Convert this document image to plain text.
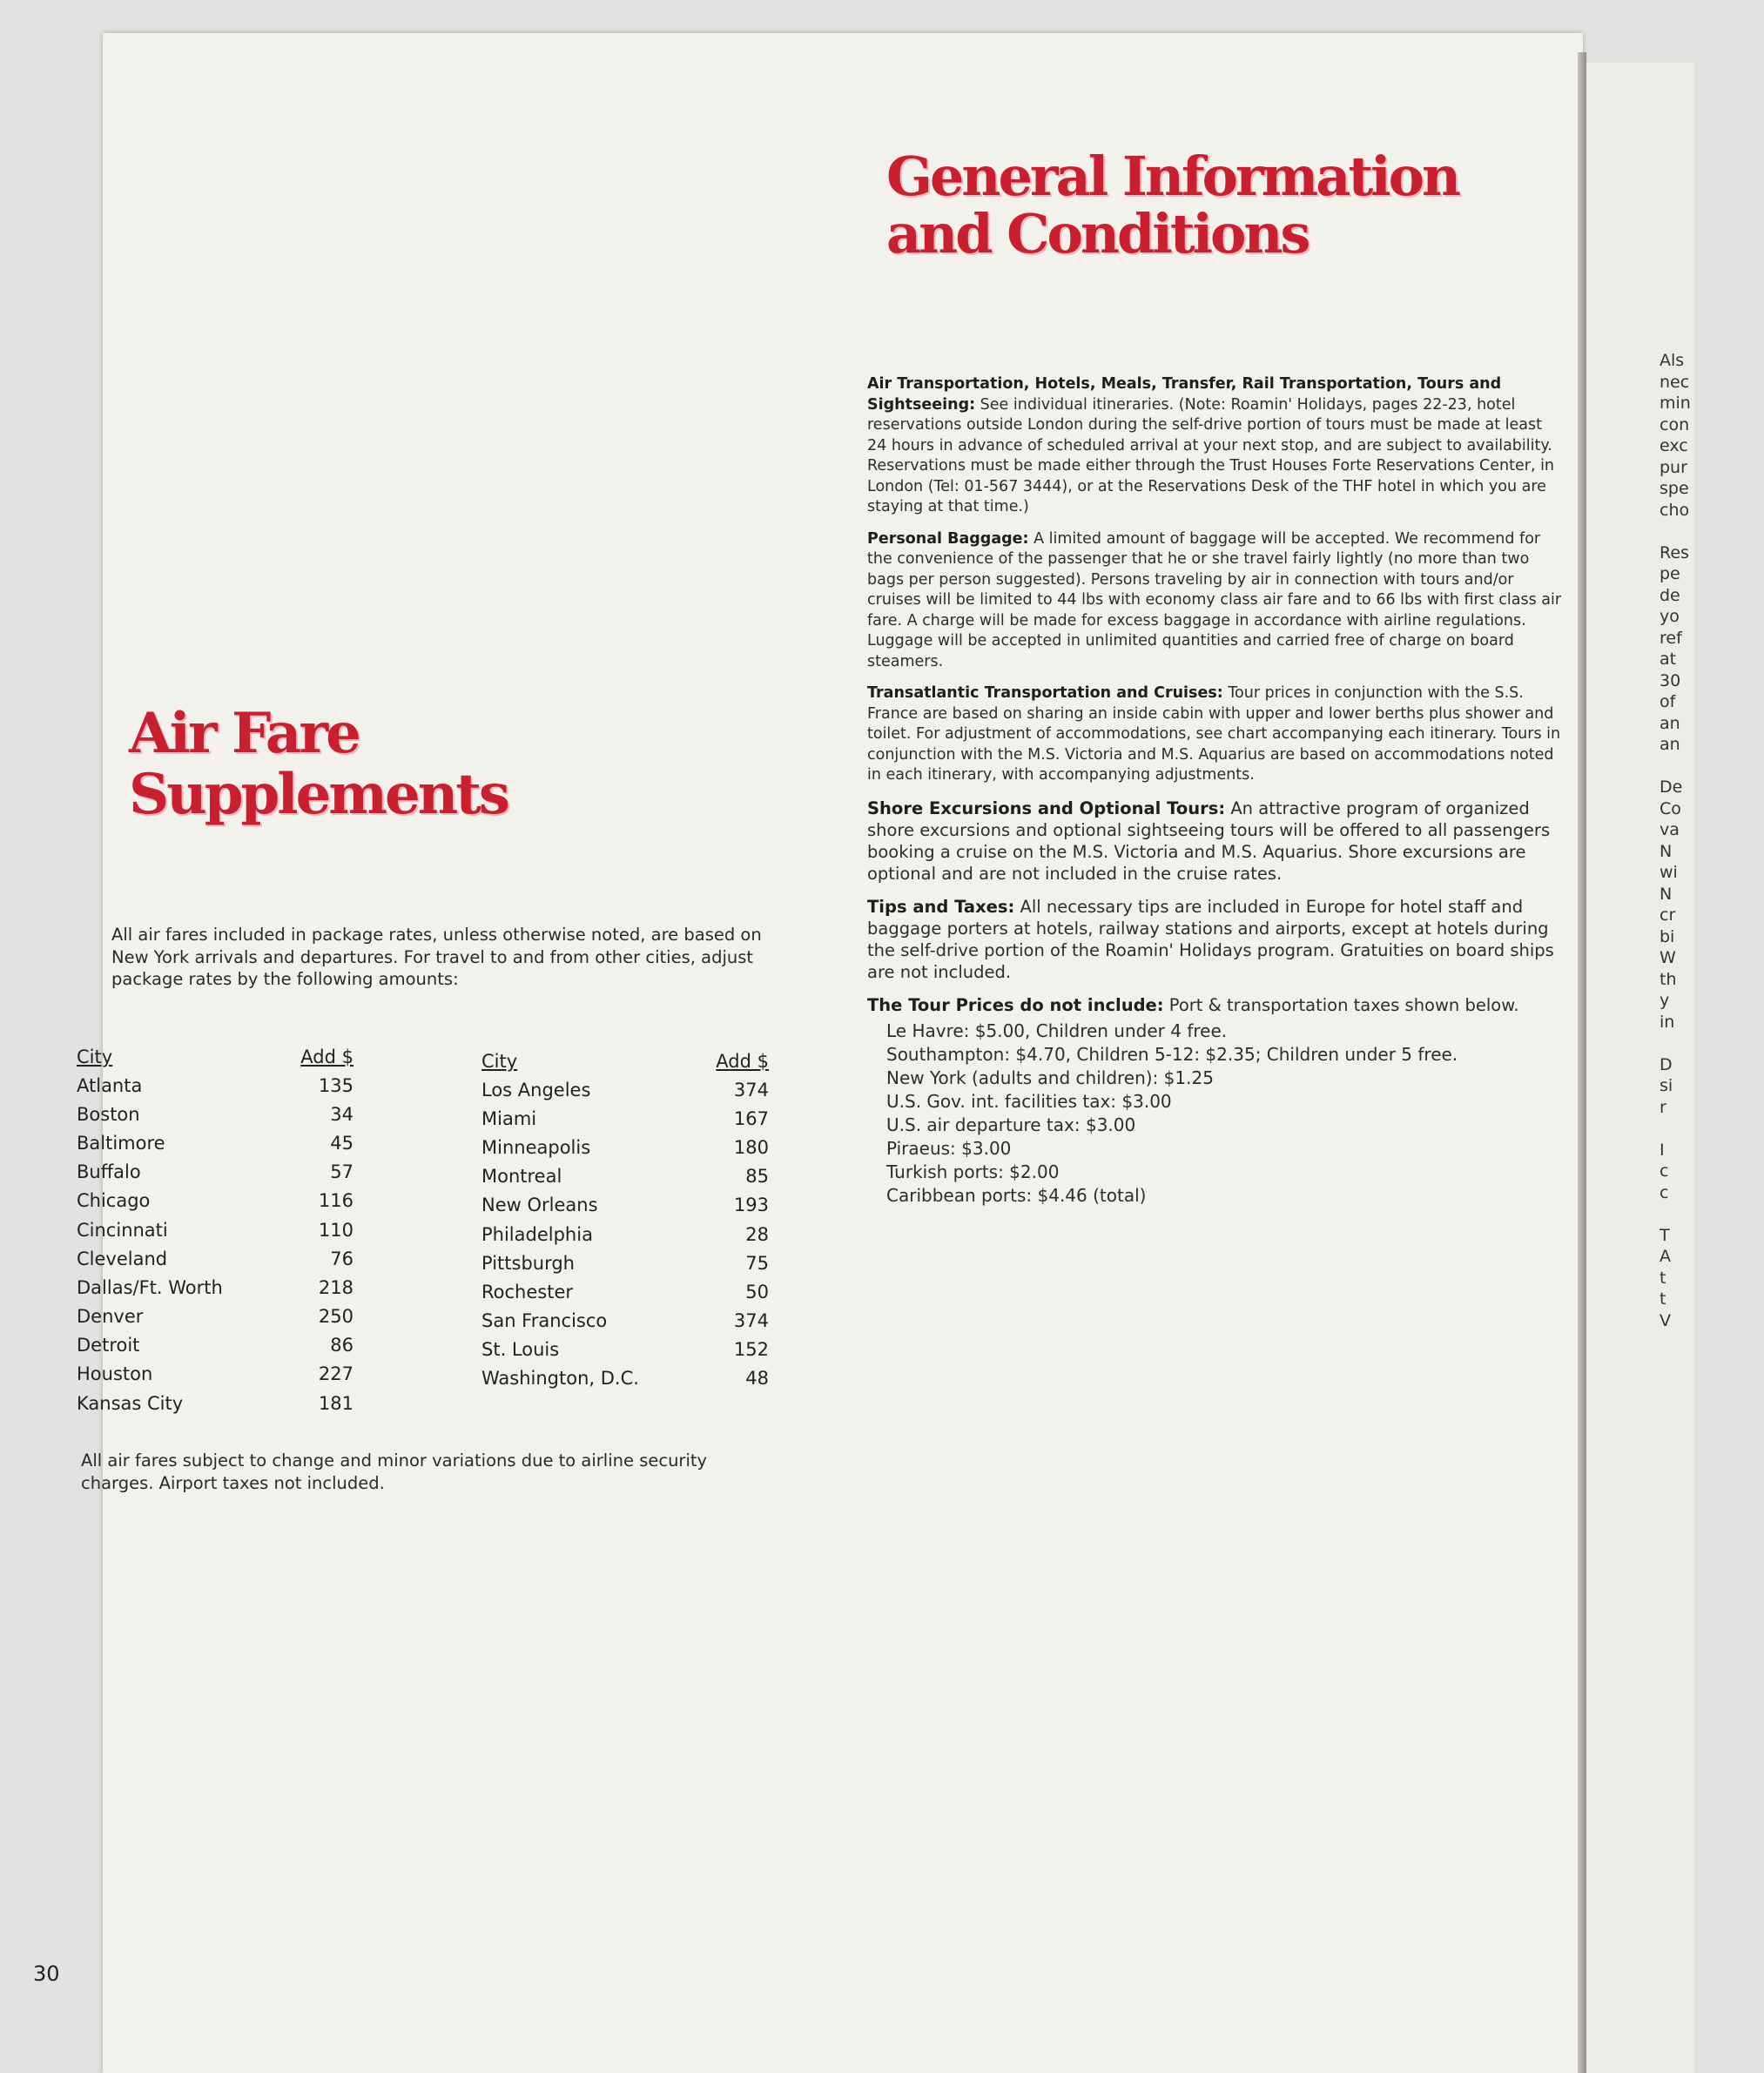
General Information
and Conditions
Air Fare
Supplements

All air fares included in package rates, unless otherwise noted, are based on New York arrivals and departures. For travel to and from other cities, adjust package rates by the following amounts:

City	Add $
Atlanta	135
Boston	34
Baltimore	45
Buffalo	57
Chicago	116
Cincinnati	110
Cleveland	76
Dallas/Ft. Worth	218
Denver	250
Detroit	86
Houston	227
Kansas City	181
City	Add $
Los Angeles	374
Miami	167
Minneapolis	180
Montreal	85
New Orleans	193
Philadelphia	28
Pittsburgh	75
Rochester	50
San Francisco	374
St. Louis	152
Washington, D.C.	48

All air fares subject to change and minor variations due to airline security charges. Airport taxes not included.

Air Transportation, Hotels, Meals, Transfer, Rail Transportation, Tours and Sightseeing: See individual itineraries. (Note: Roamin' Holidays, pages 22-23, hotel reservations outside London during the self-drive portion of tours must be made at least 24 hours in advance of scheduled arrival at your next stop, and are subject to availability. Reservations must be made either through the Trust Houses Forte Reservations Center, in London (Tel: 01-567 3444), or at the Reservations Desk of the THF hotel in which you are staying at that time.)

Personal Baggage: A limited amount of baggage will be accepted. We recommend for the convenience of the passenger that he or she travel fairly lightly (no more than two bags per person suggested). Persons traveling by air in connection with tours and/or cruises will be limited to 44 lbs with economy class air fare and to 66 lbs with first class air fare. A charge will be made for excess baggage in accordance with airline regulations. Luggage will be accepted in unlimited quantities and carried free of charge on board steamers.

Transatlantic Transportation and Cruises: Tour prices in conjunction with the S.S. France are based on sharing an inside cabin with upper and lower berths plus shower and toilet. For adjustment of accommodations, see chart accompanying each itinerary. Tours in conjunction with the M.S. Victoria and M.S. Aquarius are based on accommodations noted in each itinerary, with accompanying adjustments.

Shore Excursions and Optional Tours: An attractive program of organized shore excursions and optional sightseeing tours will be offered to all passengers booking a cruise on the M.S. Victoria and M.S. Aquarius. Shore excursions are optional and are not included in the cruise rates.

Tips and Taxes: All necessary tips are included in Europe for hotel staff and baggage porters at hotels, railway stations and airports, except at hotels during the self-drive portion of the Roamin' Holidays program. Gratuities on board ships are not included.

The Tour Prices do not include: Port & transportation taxes shown below.

Le Havre: $5.00, Children under 4 free.
Southampton: $4.70, Children 5-12: $2.35; Children under 5 free.
New York (adults and children): $1.25
U.S. Gov. int. facilities tax: $3.00
U.S. air departure tax: $3.00
Piraeus: $3.00
Turkish ports: $2.00
Caribbean ports: $4.46 (total)
30
Als
nec
min
con
exc
pur
spe
cho

Res
pe
de
yo
ref
at
30
of
an
an

De
Co
va
N
wi
N
cr
bi
W
th
y
in

D
si
r

I
c
c

T
A
t
t
V
